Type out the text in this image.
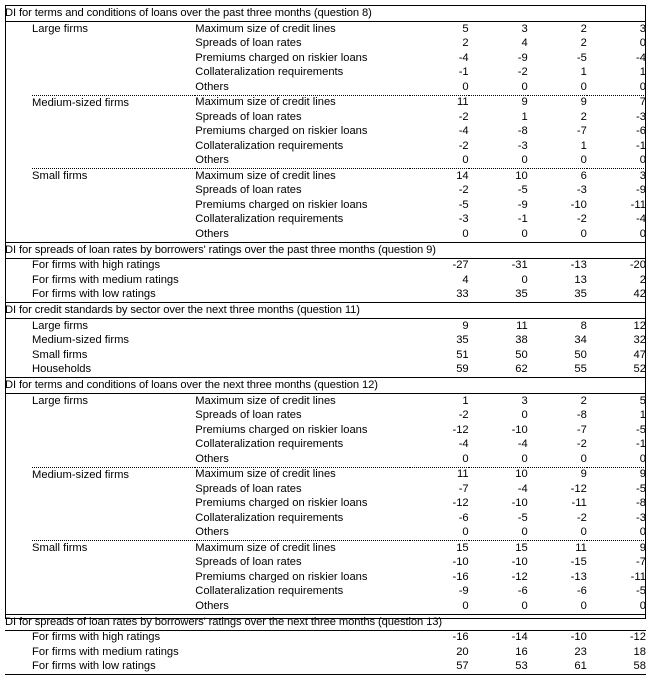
DI for terms and conditions of loans over the past three months (question 8)						
	Large firms	Maximum size of credit lines	5	3	2	3
		Spreads of loan rates	2	4	2	0
		Premiums charged on riskier loans	-4	-9	-5	-4
		Collateralization requirements	-1	-2	1	1
		Others	0	0	0	0
	Medium-sized firms	Maximum size of credit lines	11	9	9	7
		Spreads of loan rates	-2	1	2	-3
		Premiums charged on riskier loans	-4	-8	-7	-6
		Collateralization requirements	-2	-3	1	-1
		Others	0	0	0	0
	Small firms	Maximum size of credit lines	14	10	6	3
		Spreads of loan rates	-2	-5	-3	-9
		Premiums charged on riskier loans	-5	-9	-10	-11
		Collateralization requirements	-3	-1	-2	-4
		Others	0	0	0	0
DI for spreads of loan rates by borrowers' ratings over the past three months (question 9)						
	For firms with high ratings		-27	-31	-13	-20
	For firms with medium ratings		4	0	13	2
	For firms with low ratings		33	35	35	42
DI for credit standards by sector over the next three months (question 11)						
	Large firms		9	11	8	12
	Medium-sized firms		35	38	34	32
	Small firms		51	50	50	47
	Households		59	62	55	52
DI for terms and conditions of loans over the next three months (question 12)						
	Large firms	Maximum size of credit lines	1	3	2	5
		Spreads of loan rates	-2	0	-8	1
		Premiums charged on riskier loans	-12	-10	-7	-5
		Collateralization requirements	-4	-4	-2	-1
		Others	0	0	0	0
	Medium-sized firms	Maximum size of credit lines	11	10	9	9
		Spreads of loan rates	-7	-4	-12	-5
		Premiums charged on riskier loans	-12	-10	-11	-8
		Collateralization requirements	-6	-5	-2	-3
		Others	0	0	0	0
	Small firms	Maximum size of credit lines	15	15	11	9
		Spreads of loan rates	-10	-10	-15	-7
		Premiums charged on riskier loans	-16	-12	-13	-11
		Collateralization requirements	-9	-6	-6	-5
		Others	0	0	0	0
DI for spreads of loan rates by borrowers' ratings over the next three months (question 13)						
	For firms with high ratings		-16	-14	-10	-12
	For firms with medium ratings		20	16	23	18
	For firms with low ratings		57	53	61	58
